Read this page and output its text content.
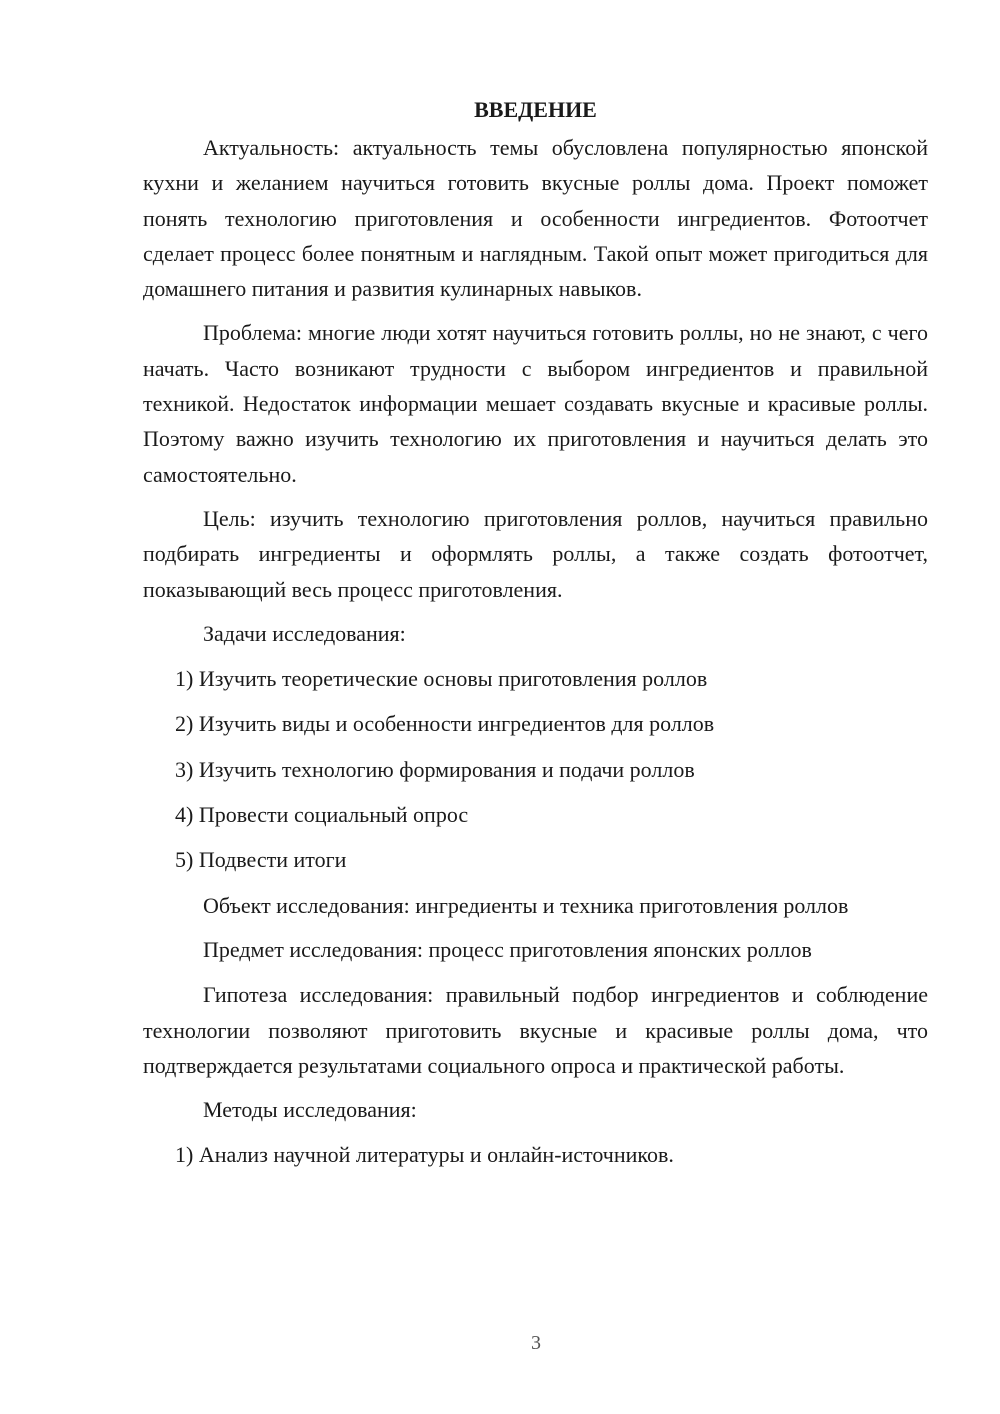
ВВЕДЕНИЕ

Актуальность: актуальность темы обусловлена популярностью японской кухни и желанием научиться готовить вкусные роллы дома. Проект поможет понять технологию приготовления и особенности ингредиентов. Фотоотчет сделает процесс более понятным и наглядным. Такой опыт может пригодиться для домашнего питания и развития кулинарных навыков.

Проблема: многие люди хотят научиться готовить роллы, но не знают, с чего начать. Часто возникают трудности с выбором ингредиентов и правильной техникой. Недостаток информации мешает создавать вкусные и красивые роллы. Поэтому важно изучить технологию их приготовления и научиться делать это самостоятельно.

Цель: изучить технологию приготовления роллов, научиться правильно подбирать ингредиенты и оформлять роллы, а также создать фотоотчет, показывающий весь процесс приготовления.

Задачи исследования:

1) Изучить теоретические основы приготовления роллов
2) Изучить виды и особенности ингредиентов для роллов
3) Изучить технологию формирования и подачи роллов
4) Провести социальный опрос
5) Подвести итоги

Объект исследования: ингредиенты и техника приготовления роллов

Предмет исследования: процесс приготовления японских роллов

Гипотеза исследования: правильный подбор ингредиентов и соблюдение технологии позволяют приготовить вкусные и красивые роллы дома, что подтверждается результатами социального опроса и практической работы.

Методы исследования:

1) Анализ научной литературы и онлайн-источников.
3
